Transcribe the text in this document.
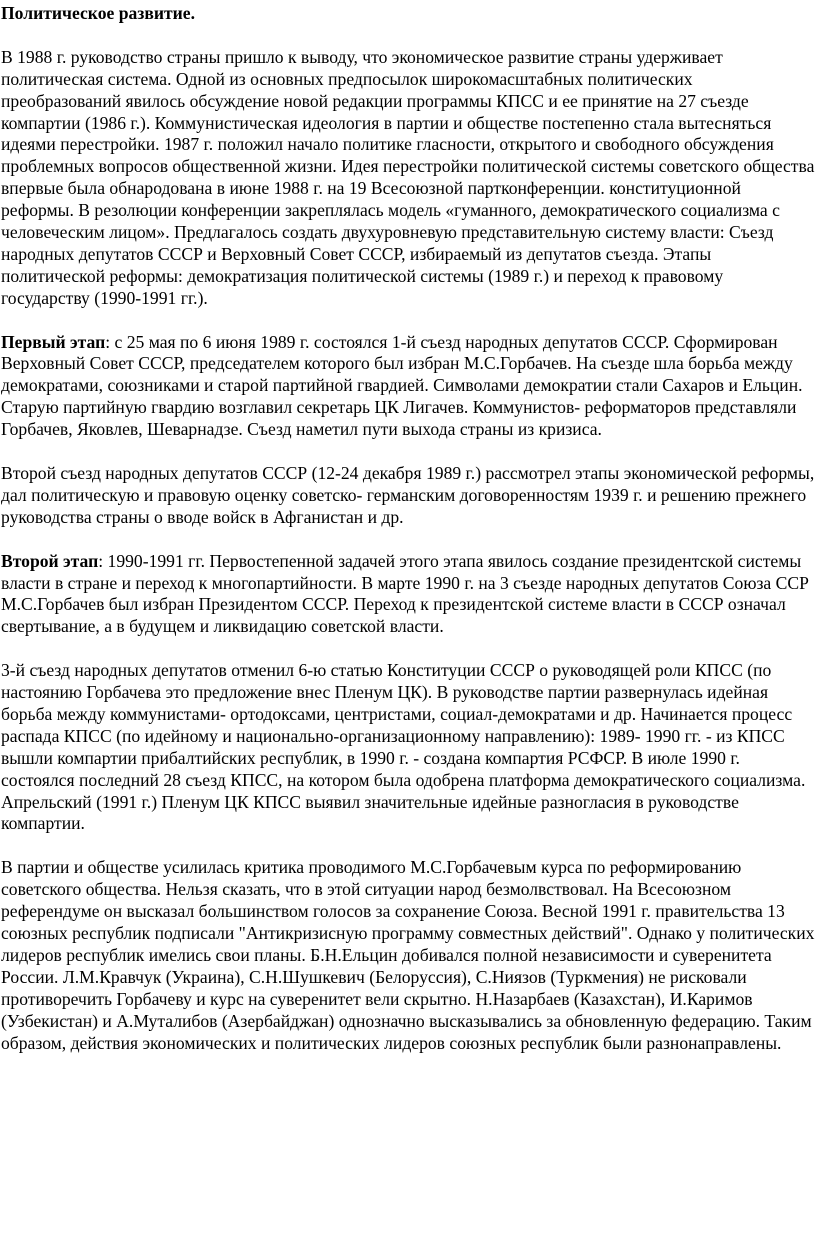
Политическое развитие.

В 1988 г. руководство страны пришло к выводу, что экономическое развитие страны удерживает политическая система. Одной из основных предпосылок широкомасштабных политических преобразований явилось обсуждение новой редакции программы КПСС и ее принятие на 27 съезде компартии (1986 г.). Коммунистическая идеология в партии и обществе постепенно стала вытесняться идеями перестройки. 1987 г. положил начало политике гласности, открытого и свободного обсуждения проблемных вопросов общественной жизни. Идея перестройки политической системы советского общества впервые была обнародована в июне 1988 г. на 19 Всесоюзной партконференции. конституционной реформы. В резолюции конференции закреплялась модель «гуманного, демократического социализма с человеческим лицом». Предлагалось создать двухуровневую представительную систему власти: Съезд народных депутатов СССР и Верховный Совет СССР, избираемый из депутатов съезда. Этапы политической реформы: демократизация политической системы (1989 г.) и переход к правовому государству (1990-1991 гг.).

Первый этап: с 25 мая по 6 июня 1989 г. состоялся 1-й съезд народных депутатов СССР. Сформирован Верховный Совет СССР, председателем которого был избран М.С.Горбачев. На съезде шла борьба между демократами, союзниками и старой партийной гвардией. Символами демократии стали Сахаров и Ельцин. Старую партийную гвардию возглавил секретарь ЦК Лигачев. Коммунистов- реформаторов представляли Горбачев, Яковлев, Шеварнадзе. Съезд наметил пути выхода страны из кризиса.

Второй съезд народных депутатов СССР (12-24 декабря 1989 г.) рассмотрел этапы экономической реформы, дал политическую и правовую оценку советско- германским договоренностям 1939 г. и решению прежнего руководства страны о вводе войск в Афганистан и др.

Второй этап: 1990-1991 гг. Первостепенной задачей этого этапа явилось создание президентской системы власти в стране и переход к многопартийности. В марте 1990 г. на 3 съезде народных депутатов Союза ССР М.С.Горбачев был избран Президентом СССР. Переход к президентской системе власти в СССР означал свертывание, а в будущем и ликвидацию советской власти.

3-й съезд народных депутатов отменил 6-ю статью Конституции СССР о руководящей роли КПСС (по настоянию Горбачева это предложение внес Пленум ЦК). В руководстве партии развернулась идейная борьба между коммунистами- ортодоксами, центристами, социал-демократами и др. Начинается процесс распада КПСС (по идейному и национально-организационному направлению): 1989- 1990 гг. - из КПСС вышли компартии прибалтийских республик, в 1990 г. - создана компартия РСФСР. В июле 1990 г. состоялся последний 28 съезд КПСС, на котором была одобрена платформа демократического социализма. Апрельский (1991 г.) Пленум ЦК КПСС выявил значительные идейные разногласия в руководстве компартии.

В партии и обществе усилилась критика проводимого М.С.Горбачевым курса по реформированию советского общества. Нельзя сказать, что в этой ситуации народ безмолвствовал. На Всесоюзном референдуме он высказал большинством голосов за сохранение Союза. Весной 1991 г. правительства 13 союзных республик подписали "Антикризисную программу совместных действий". Однако у политических лидеров республик имелись свои планы. Б.Н.Ельцин добивался полной независимости и суверенитета России. Л.М.Кравчук (Украина), С.Н.Шушкевич (Белоруссия), С.Ниязов (Туркмения) не рисковали противоречить Горбачеву и курс на суверенитет вели скрытно. Н.Назарбаев (Казахстан), И.Каримов (Узбекистан) и А.Муталибов (Азербайджан) однозначно высказывались за обновленную федерацию. Таким образом, действия экономических и политических лидеров союзных республик были разнонаправлены.
